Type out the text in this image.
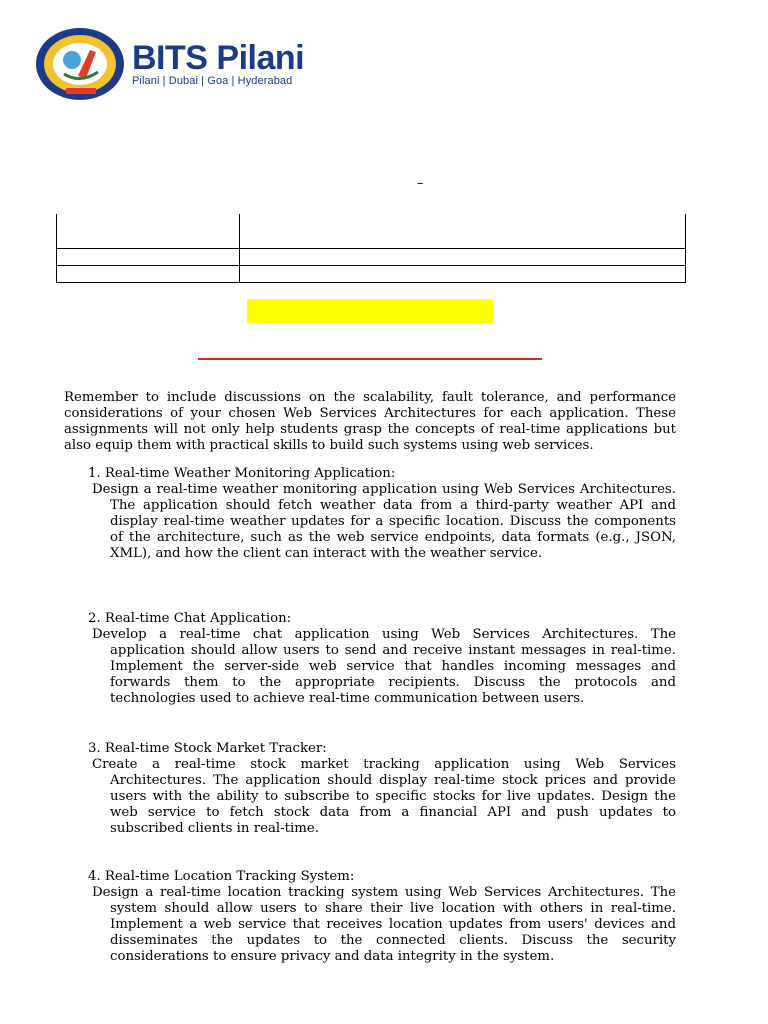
BITS Pilani
Pilani | Dubai | Goa | Hyderabad
–

Remember to include discussions on the scalability, fault tolerance, and performance considerations of your chosen Web Services Architectures for each application. These assignments will not only help students grasp the concepts of real-time applications but also equip them with practical skills to build such systems using web services.

1. Real-time Weather Monitoring Application:

Design a real-time weather monitoring application using Web Services Architectures. The application should fetch weather data from a third-party weather API and display real-time weather updates for a specific location. Discuss the components of the architecture, such as the web service endpoints, data formats (e.g., JSON, XML), and how the client can interact with the weather service.

2. Real-time Chat Application:

Develop a real-time chat application using Web Services Architectures. The application should allow users to send and receive instant messages in real-time. Implement the server-side web service that handles incoming messages and forwards them to the appropriate recipients. Discuss the protocols and technologies used to achieve real-time communication between users.

3. Real-time Stock Market Tracker:

Create a real-time stock market tracking application using Web Services Architectures. The application should display real-time stock prices and provide users with the ability to subscribe to specific stocks for live updates. Design the web service to fetch stock data from a financial API and push updates to subscribed clients in real-time.

4. Real-time Location Tracking System:

Design a real-time location tracking system using Web Services Architectures. The system should allow users to share their live location with others in real-time. Implement a web service that receives location updates from users' devices and disseminates the updates to the connected clients. Discuss the security considerations to ensure privacy and data integrity in the system.
